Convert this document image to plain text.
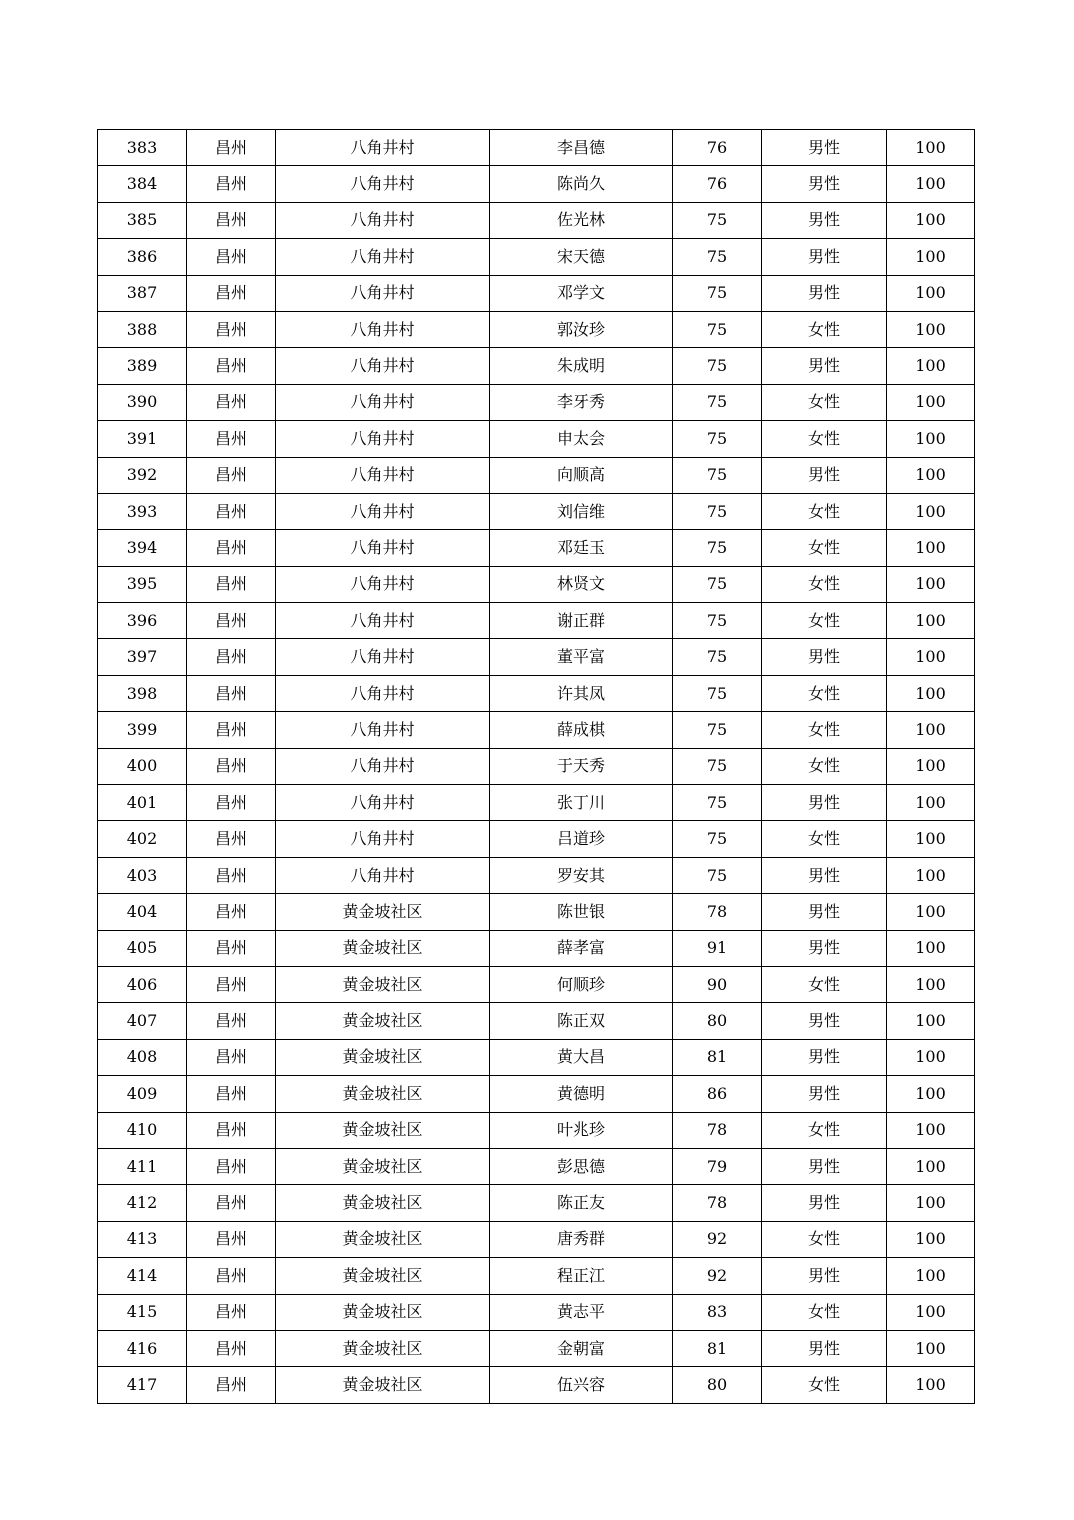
383	昌州	八角井村	李昌德	76	男性	100
384	昌州	八角井村	陈尚久	76	男性	100
385	昌州	八角井村	佐光林	75	男性	100
386	昌州	八角井村	宋天德	75	男性	100
387	昌州	八角井村	邓学文	75	男性	100
388	昌州	八角井村	郭汝珍	75	女性	100
389	昌州	八角井村	朱成明	75	男性	100
390	昌州	八角井村	李牙秀	75	女性	100
391	昌州	八角井村	申太会	75	女性	100
392	昌州	八角井村	向顺高	75	男性	100
393	昌州	八角井村	刘信维	75	女性	100
394	昌州	八角井村	邓廷玉	75	女性	100
395	昌州	八角井村	林贤文	75	女性	100
396	昌州	八角井村	谢正群	75	女性	100
397	昌州	八角井村	董平富	75	男性	100
398	昌州	八角井村	许其凤	75	女性	100
399	昌州	八角井村	薛成棋	75	女性	100
400	昌州	八角井村	于天秀	75	女性	100
401	昌州	八角井村	张丁川	75	男性	100
402	昌州	八角井村	吕道珍	75	女性	100
403	昌州	八角井村	罗安其	75	男性	100
404	昌州	黄金坡社区	陈世银	78	男性	100
405	昌州	黄金坡社区	薛孝富	91	男性	100
406	昌州	黄金坡社区	何顺珍	90	女性	100
407	昌州	黄金坡社区	陈正双	80	男性	100
408	昌州	黄金坡社区	黄大昌	81	男性	100
409	昌州	黄金坡社区	黄德明	86	男性	100
410	昌州	黄金坡社区	叶兆珍	78	女性	100
411	昌州	黄金坡社区	彭思德	79	男性	100
412	昌州	黄金坡社区	陈正友	78	男性	100
413	昌州	黄金坡社区	唐秀群	92	女性	100
414	昌州	黄金坡社区	程正江	92	男性	100
415	昌州	黄金坡社区	黄志平	83	女性	100
416	昌州	黄金坡社区	金朝富	81	男性	100
417	昌州	黄金坡社区	伍兴容	80	女性	100
